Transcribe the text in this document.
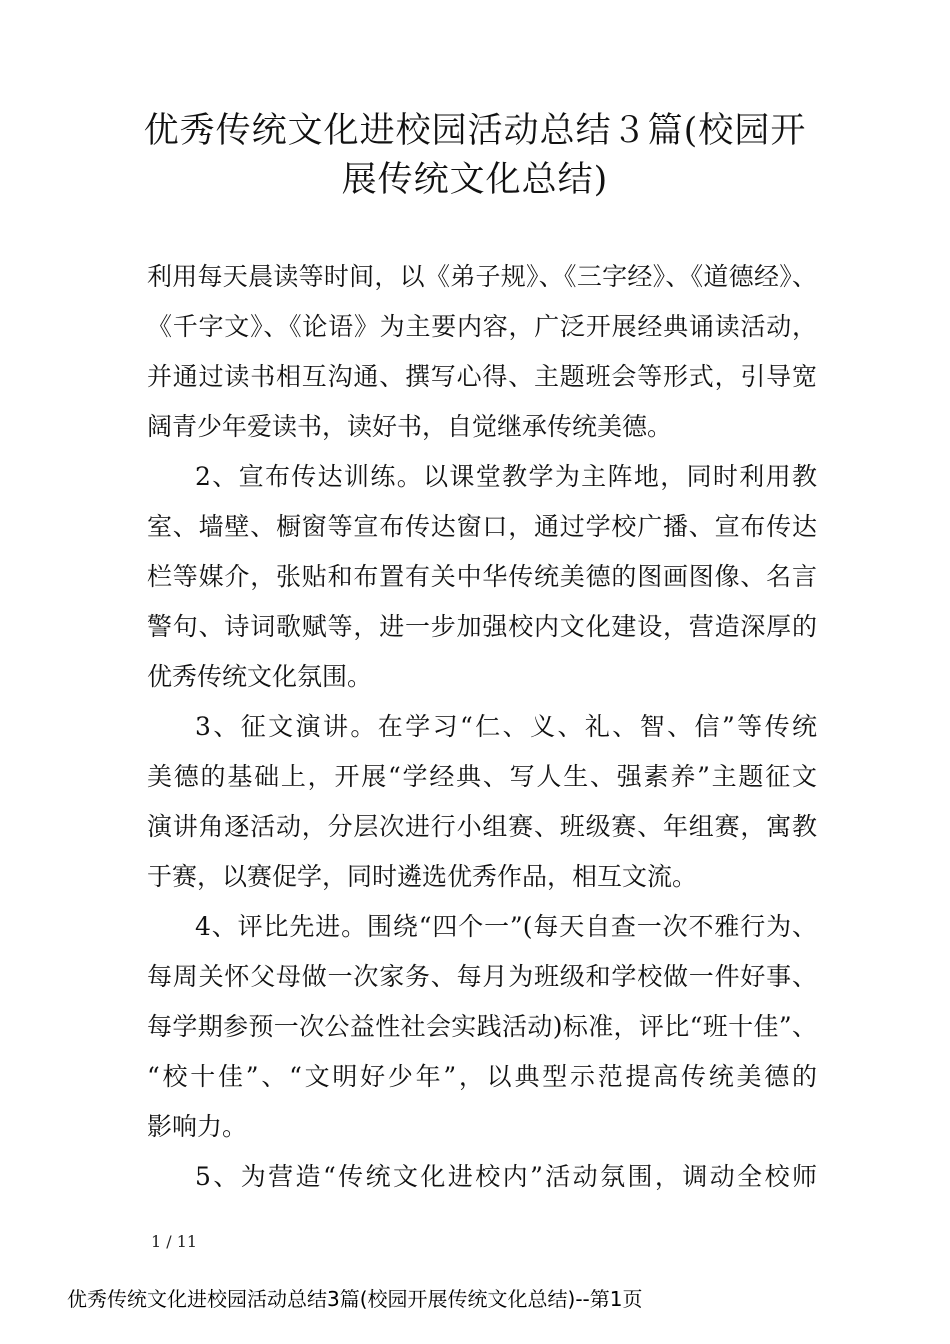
优秀传统文化进校园活动总结３篇(校园开
展传统文化总结)
利用每天晨读等时间，以《弟子规》、《三字经》、《道德经》、
《千字文》、《论语》为主要内容，广泛开展经典诵读活动，
并通过读书相互沟通、撰写心得、主题班会等形式，引导宽
阔青少年爱读书，读好书，自觉继承传统美德。
2、宣布传达训练。以课堂教学为主阵地，同时利用教
室、墙壁、橱窗等宣布传达窗口，通过学校广播、宣布传达
栏等媒介，张贴和布置有关中华传统美德的图画图像、名言
警句、诗词歌赋等，进一步加强校内文化建设，营造深厚的
优秀传统文化氛围。
3、征文演讲。在学习“仁、义、礼、智、信”等传统
美德的基础上，开展“学经典、写人生、强素养”主题征文
演讲角逐活动，分层次进行小组赛、班级赛、年组赛，寓教
于赛，以赛促学，同时遴选优秀作品，相互文流。
4、评比先进。围绕“四个一”(每天自查一次不雅行为、
每周关怀父母做一次家务、每月为班级和学校做一件好事、
每学期参预一次公益性社会实践活动)标准，评比“班十佳”、
“校十佳”、“文明好少年”，以典型示范提高传统美德的
影响力。
5、为营造“传统文化进校内”活动氛围，调动全校师
1 / 11
优秀传统文化进校园活动总结3篇(校园开展传统文化总结)--第1页
